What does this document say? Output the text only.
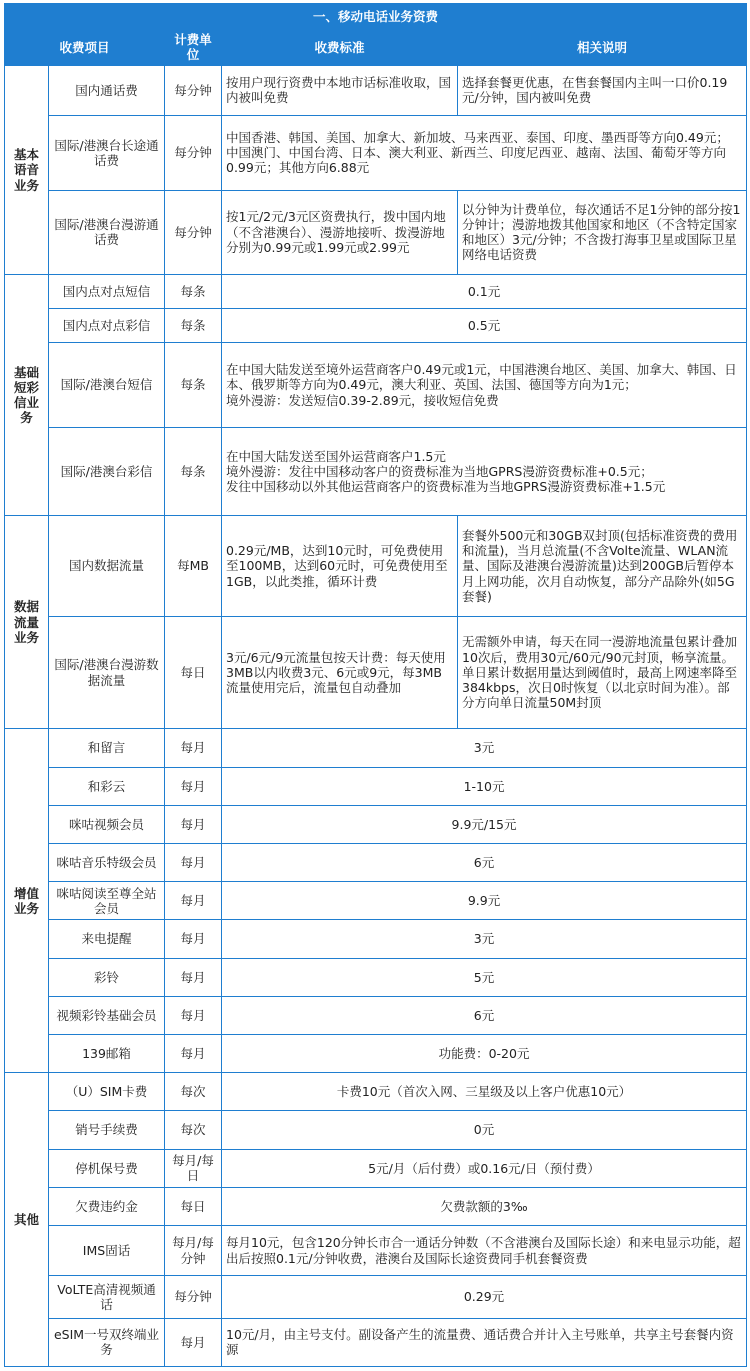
一、移动电话业务资费				
收费项目		计费单位	收费标准	相关说明
基本语音业务	国内通话费	每分钟	按用户现行资费中本地市话标准收取，国内被叫免费	选择套餐更优惠，在售套餐国内主叫一口价0.19元/分钟，国内被叫免费
	国际/港澳台长途通话费	每分钟	中国香港、韩国、美国、加拿大、新加坡、马来西亚、泰国、印度、墨西哥等方向0.49元；
中国澳门、中国台湾、日本、澳大利亚、新西兰、印度尼西亚、越南、法国、葡萄牙等方向0.99元；其他方向6.88元	
	国际/港澳台漫游通话费	每分钟	按1元/2元/3元区资费执行，拨中国内地（不含港澳台）、漫游地接听、拨漫游地分别为0.99元或1.99元或2.99元	以分钟为计费单位，每次通话不足1分钟的部分按1分钟计；漫游地拨其他国家和地区（不含特定国家和地区）3元/分钟；不含拨打海事卫星或国际卫星网络电话资费
基础短彩信业务	国内点对点短信	每条	0.1元	
	国内点对点彩信	每条	0.5元	
	国际/港澳台短信	每条	在中国大陆发送至境外运营商客户0.49元或1元，中国港澳台地区、美国、加拿大、韩国、日本、俄罗斯等方向为0.49元，澳大利亚、英国、法国、德国等方向为1元；
境外漫游：发送短信0.39-2.89元，接收短信免费	
	国际/港澳台彩信	每条	在中国大陆发送至国外运营商客户1.5元
境外漫游：发往中国移动客户的资费标准为当地GPRS漫游资费标准+0.5元；
发往中国移动以外其他运营商客户的资费标准为当地GPRS漫游资费标准+1.5元	
数据流量业务	国内数据流量	每MB	0.29元/MB，达到10元时，可免费使用至100MB，达到60元时，可免费使用至1GB，以此类推，循环计费	套餐外500元和30GB双封顶(包括标准资费的费用和流量)，当月总流量(不含Volte流量、WLAN流量、国际及港澳台漫游流量)达到200GB后暂停本月上网功能，次月自动恢复，部分产品除外(如5G套餐)
	国际/港澳台漫游数据流量	每日	3元/6元/9元流量包按天计费：每天使用3MB以内收费3元、6元或9元，每3MB流量使用完后，流量包自动叠加	无需额外申请，每天在同一漫游地流量包累计叠加10次后，费用30元/60元/90元封顶，畅享流量。单日累计数据用量达到阈值时，最高上网速率降至384kbps，次日0时恢复（以北京时间为准）。部分方向单日流量50M封顶
增值业务	和留言	每月	3元	
	和彩云	每月	1-10元	
	咪咕视频会员	每月	9.9元/15元	
	咪咕音乐特级会员	每月	6元	
	咪咕阅读至尊全站会员	每月	9.9元	
	来电提醒	每月	3元	
	彩铃	每月	5元	
	视频彩铃基础会员	每月	6元	
	139邮箱	每月	功能费：0-20元	
其他	（U）SIM卡费	每次	卡费10元（首次入网、三星级及以上客户优惠10元）	
	销号手续费	每次	0元	
	停机保号费	每月/每日	5元/月（后付费）或0.16元/日（预付费）	
	欠费违约金	每日	欠费款额的3‰	
	IMS固话	每月/每分钟	每月10元，包含120分钟长市合一通话分钟数（不含港澳台及国际长途）和来电显示功能，超出后按照0.1元/分钟收费，港澳台及国际长途资费同手机套餐资费	
	VoLTE高清视频通话	每分钟	0.29元	
	eSIM一号双终端业务	每月	10元/月，由主号支付。副设备产生的流量费、通话费合并计入主号账单，共享主号套餐内资源	
